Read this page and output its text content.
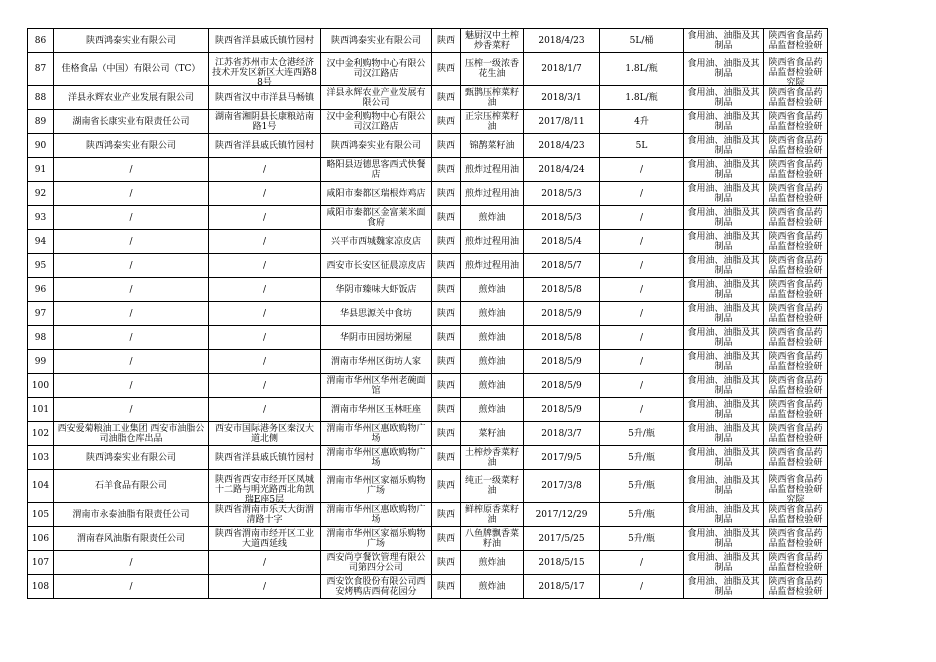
86	陕西鸿泰实业有限公司	陕西省洋县戚氏镇竹园村	陕西鸿泰实业有限公司	陕西	魅厨汉中土榨炒香菜籽	2018/4/23	5L/桶	食用油、油脂及其制品	陕西省食品药品监督检验研

87	佳格食品（中国）有限公司（TC）	江苏省苏州市太仓港经济技术开发区新区大连西路88号	汉中金利购物中心有限公司汉江路店	陕西	压榨一级浓香花生油	2018/1/7	1.8L/瓶	食用油、油脂及其制品	陕西省食品药品监督检验研究院

88	洋县永辉农业产业发展有限公司	陕西省汉中市洋县马畅镇	洋县永辉农业产业发展有限公司	陕西	甄鹊压榨菜籽油	2018/3/1	1.8L/瓶	食用油、油脂及其制品	陕西省食品药品监督检验研

89	湖南省长康实业有限责任公司	湖南省湘阴县长康粮站南路1号	汉中金利购物中心有限公司汉江路店	陕西	正宗压榨菜籽油	2017/8/11	4升	食用油、油脂及其制品	陕西省食品药品监督检验研

90	陕西鸿泰实业有限公司	陕西省洋县戚氏镇竹园村	陕西鸿泰实业有限公司	陕西	锦鹊菜籽油	2018/4/23	5L	食用油、油脂及其制品	陕西省食品药品监督检验研

91	/	/	略阳县迈德思客西式快餐店	陕西	煎炸过程用油	2018/4/24	/	食用油、油脂及其制品	陕西省食品药品监督检验研

92	/	/	咸阳市秦都区瑞根炸鸡店	陕西	煎炸过程用油	2018/5/3	/	食用油、油脂及其制品	陕西省食品药品监督检验研

93	/	/	咸阳市秦都区金富莱米面食府	陕西	煎炸油	2018/5/3	/	食用油、油脂及其制品	陕西省食品药品监督检验研

94	/	/	兴平市西城魏家凉皮店	陕西	煎炸过程用油	2018/5/4	/	食用油、油脂及其制品	陕西省食品药品监督检验研

95	/	/	西安市长安区征晨凉皮店	陕西	煎炸过程用油	2018/5/7	/	食用油、油脂及其制品	陕西省食品药品监督检验研

96	/	/	华阴市臻味大虾饭店	陕西	煎炸油	2018/5/8	/	食用油、油脂及其制品	陕西省食品药品监督检验研

97	/	/	华县思源关中食坊	陕西	煎炸油	2018/5/9	/	食用油、油脂及其制品	陕西省食品药品监督检验研

98	/	/	华阴市田园坊粥屋	陕西	煎炸油	2018/5/8	/	食用油、油脂及其制品	陕西省食品药品监督检验研

99	/	/	渭南市华州区街坊人家	陕西	煎炸油	2018/5/9	/	食用油、油脂及其制品	陕西省食品药品监督检验研

100	/	/	渭南市华州区华州老碗面馆	陕西	煎炸油	2018/5/9	/	食用油、油脂及其制品	陕西省食品药品监督检验研

101	/	/	渭南市华州区玉林旺座	陕西	煎炸油	2018/5/9	/	食用油、油脂及其制品	陕西省食品药品监督检验研

102	西安爱菊粮油工业集团 西安市油脂公司油脂仓库出品	西安市国际港务区秦汉大道北侧	渭南市华州区惠欧购物广场	陕西	菜籽油	2018/3/7	5升/瓶	食用油、油脂及其制品	陕西省食品药品监督检验研

103	陕西鸿泰实业有限公司	陕西省洋县戚氏镇竹园村	渭南市华州区惠欧购物广场	陕西	土榨炒香菜籽油	2017/9/5	5升/瓶	食用油、油脂及其制品	陕西省食品药品监督检验研

104	石羊食品有限公司	陕西省西安市经开区凤城十二路与明光路西北角凯瑞E座5层	渭南市华州区家福乐购物广场	陕西	纯正一级菜籽油	2017/3/8	5升/瓶	食用油、油脂及其制品	陕西省食品药品监督检验研究院

105	渭南市永泰油脂有限责任公司	陕西省渭南市乐天大街渭清路十字	渭南市华州区惠欧购物广场	陕西	鲜榨原香菜籽油	2017/12/29	5升/瓶	食用油、油脂及其制品	陕西省食品药品监督检验研

106	渭南春风油脂有限责任公司	陕西省渭南市经开区工业大道西延线	渭南市华州区家福乐购物广场	陕西	八鱼牌飘香菜籽油	2017/5/25	5升/瓶	食用油、油脂及其制品	陕西省食品药品监督检验研

107	/	/	西安尚亨餐饮管理有限公司第四分公司	陕西	煎炸油	2018/5/15	/	食用油、油脂及其制品	陕西省食品药品监督检验研

108	/	/	西安饮食股份有限公司西安烤鸭店西荷花园分	陕西	煎炸油	2018/5/17	/	食用油、油脂及其制品	陕西省食品药品监督检验研
